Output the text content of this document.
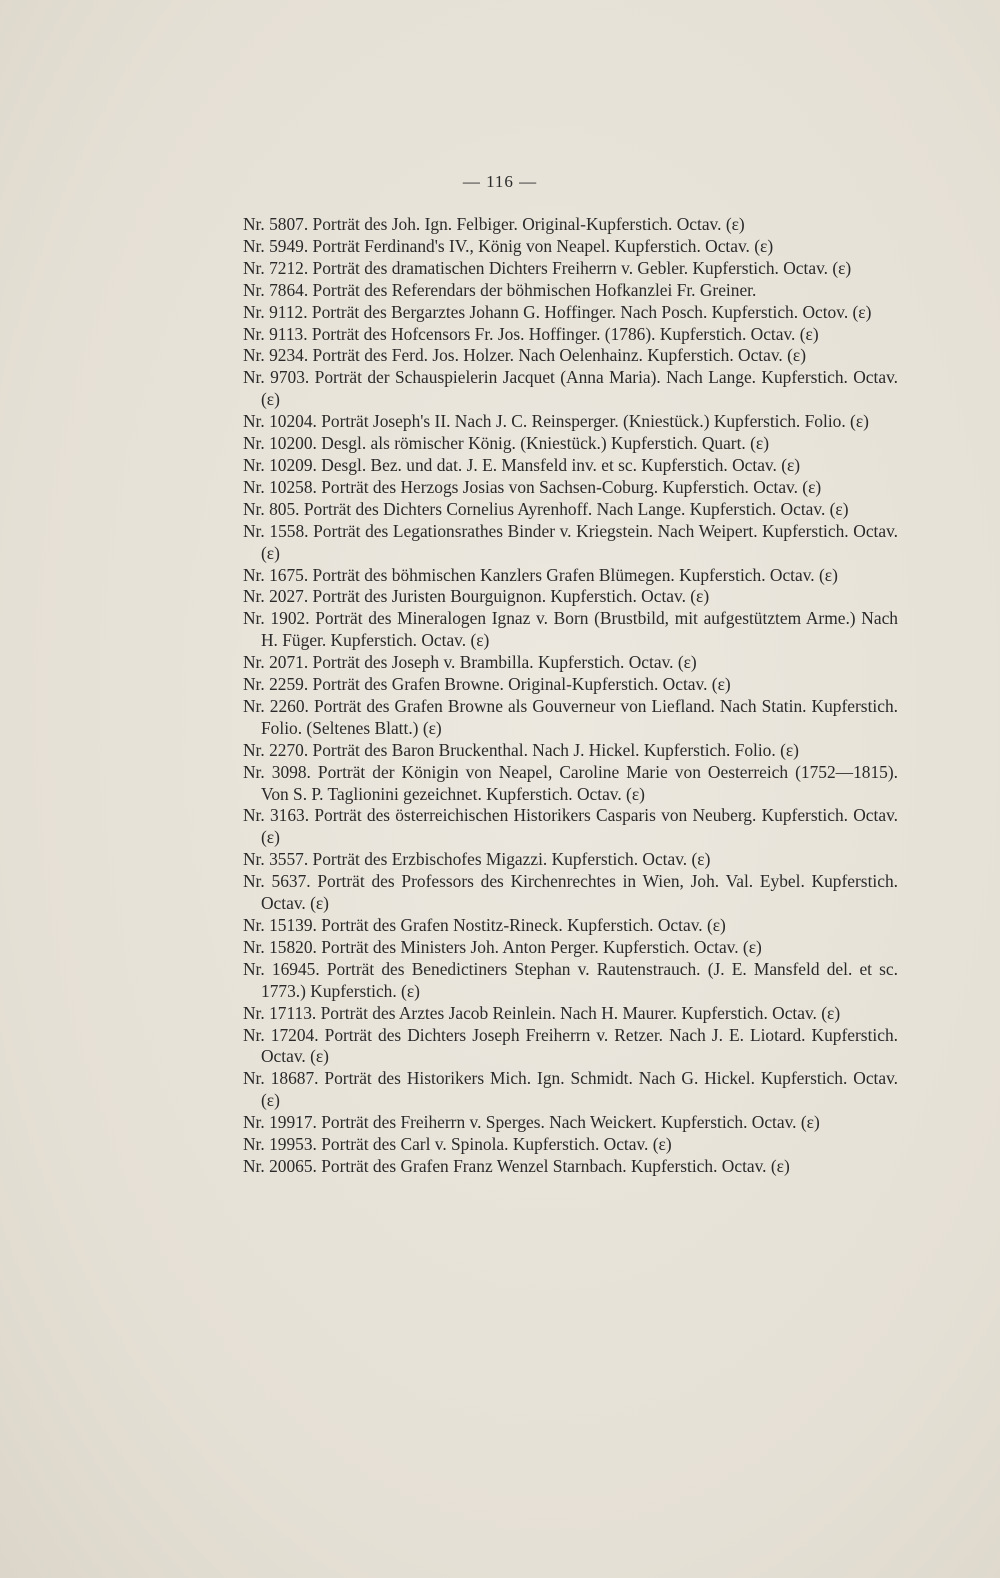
— 116 —
Nr. 5807. Porträt des Joh. Ign. Felbiger. Original-Kupferstich. Octav. (ε)
Nr. 5949. Porträt Ferdinand's IV., König von Neapel. Kupferstich. Octav. (ε)
Nr. 7212. Porträt des dramatischen Dichters Freiherrn v. Gebler. Kupferstich. Octav. (ε)
Nr. 7864. Porträt des Referendars der böhmischen Hofkanzlei Fr. Greiner.
Nr. 9112. Porträt des Bergarztes Johann G. Hoffinger. Nach Posch. Kupferstich. Octov. (ε)
Nr. 9113. Porträt des Hofcensors Fr. Jos. Hoffinger. (1786). Kupferstich. Octav. (ε)
Nr. 9234. Porträt des Ferd. Jos. Holzer. Nach Oelenhainz. Kupferstich. Octav. (ε)
Nr. 9703. Porträt der Schauspielerin Jacquet (Anna Maria). Nach Lange. Kupferstich. Octav. (ε)
Nr. 10204. Porträt Joseph's II. Nach J. C. Reinsperger. (Kniestück.) Kupferstich. Folio. (ε)
Nr. 10200. Desgl. als römischer König. (Kniestück.) Kupferstich. Quart. (ε)
Nr. 10209. Desgl. Bez. und dat. J. E. Mansfeld inv. et sc. Kupferstich. Octav. (ε)
Nr. 10258. Porträt des Herzogs Josias von Sachsen-Coburg. Kupferstich. Octav. (ε)
Nr. 805. Porträt des Dichters Cornelius Ayrenhoff. Nach Lange. Kupferstich. Octav. (ε)
Nr. 1558. Porträt des Legationsrathes Binder v. Kriegstein. Nach Weipert. Kupferstich. Octav. (ε)
Nr. 1675. Porträt des böhmischen Kanzlers Grafen Blümegen. Kupferstich. Octav. (ε)
Nr. 2027. Porträt des Juristen Bourguignon. Kupferstich. Octav. (ε)
Nr. 1902. Porträt des Mineralogen Ignaz v. Born (Brustbild, mit aufgestütztem Arme.) Nach H. Füger. Kupferstich. Octav. (ε)
Nr. 2071. Porträt des Joseph v. Brambilla. Kupferstich. Octav. (ε)
Nr. 2259. Porträt des Grafen Browne. Original-Kupferstich. Octav. (ε)
Nr. 2260. Porträt des Grafen Browne als Gouverneur von Liefland. Nach Statin. Kupferstich. Folio. (Seltenes Blatt.) (ε)
Nr. 2270. Porträt des Baron Bruckenthal. Nach J. Hickel. Kupferstich. Folio. (ε)
Nr. 3098. Porträt der Königin von Neapel, Caroline Marie von Oesterreich (1752—1815). Von S. P. Taglionini gezeichnet. Kupferstich. Octav. (ε)
Nr. 3163. Porträt des österreichischen Historikers Casparis von Neuberg. Kupferstich. Octav. (ε)
Nr. 3557. Porträt des Erzbischofes Migazzi. Kupferstich. Octav. (ε)
Nr. 5637. Porträt des Professors des Kirchenrechtes in Wien, Joh. Val. Eybel. Kupferstich. Octav. (ε)
Nr. 15139. Porträt des Grafen Nostitz-Rineck. Kupferstich. Octav. (ε)
Nr. 15820. Porträt des Ministers Joh. Anton Perger. Kupferstich. Octav. (ε)
Nr. 16945. Porträt des Benedictiners Stephan v. Rautenstrauch. (J. E. Mansfeld del. et sc. 1773.) Kupferstich. (ε)
Nr. 17113. Porträt des Arztes Jacob Reinlein. Nach H. Maurer. Kupferstich. Octav. (ε)
Nr. 17204. Porträt des Dichters Joseph Freiherrn v. Retzer. Nach J. E. Liotard. Kupferstich. Octav. (ε)
Nr. 18687. Porträt des Historikers Mich. Ign. Schmidt. Nach G. Hickel. Kupferstich. Octav. (ε)
Nr. 19917. Porträt des Freiherrn v. Sperges. Nach Weickert. Kupferstich. Octav. (ε)
Nr. 19953. Porträt des Carl v. Spinola. Kupferstich. Octav. (ε)
Nr. 20065. Porträt des Grafen Franz Wenzel Starnbach. Kupferstich. Octav. (ε)
